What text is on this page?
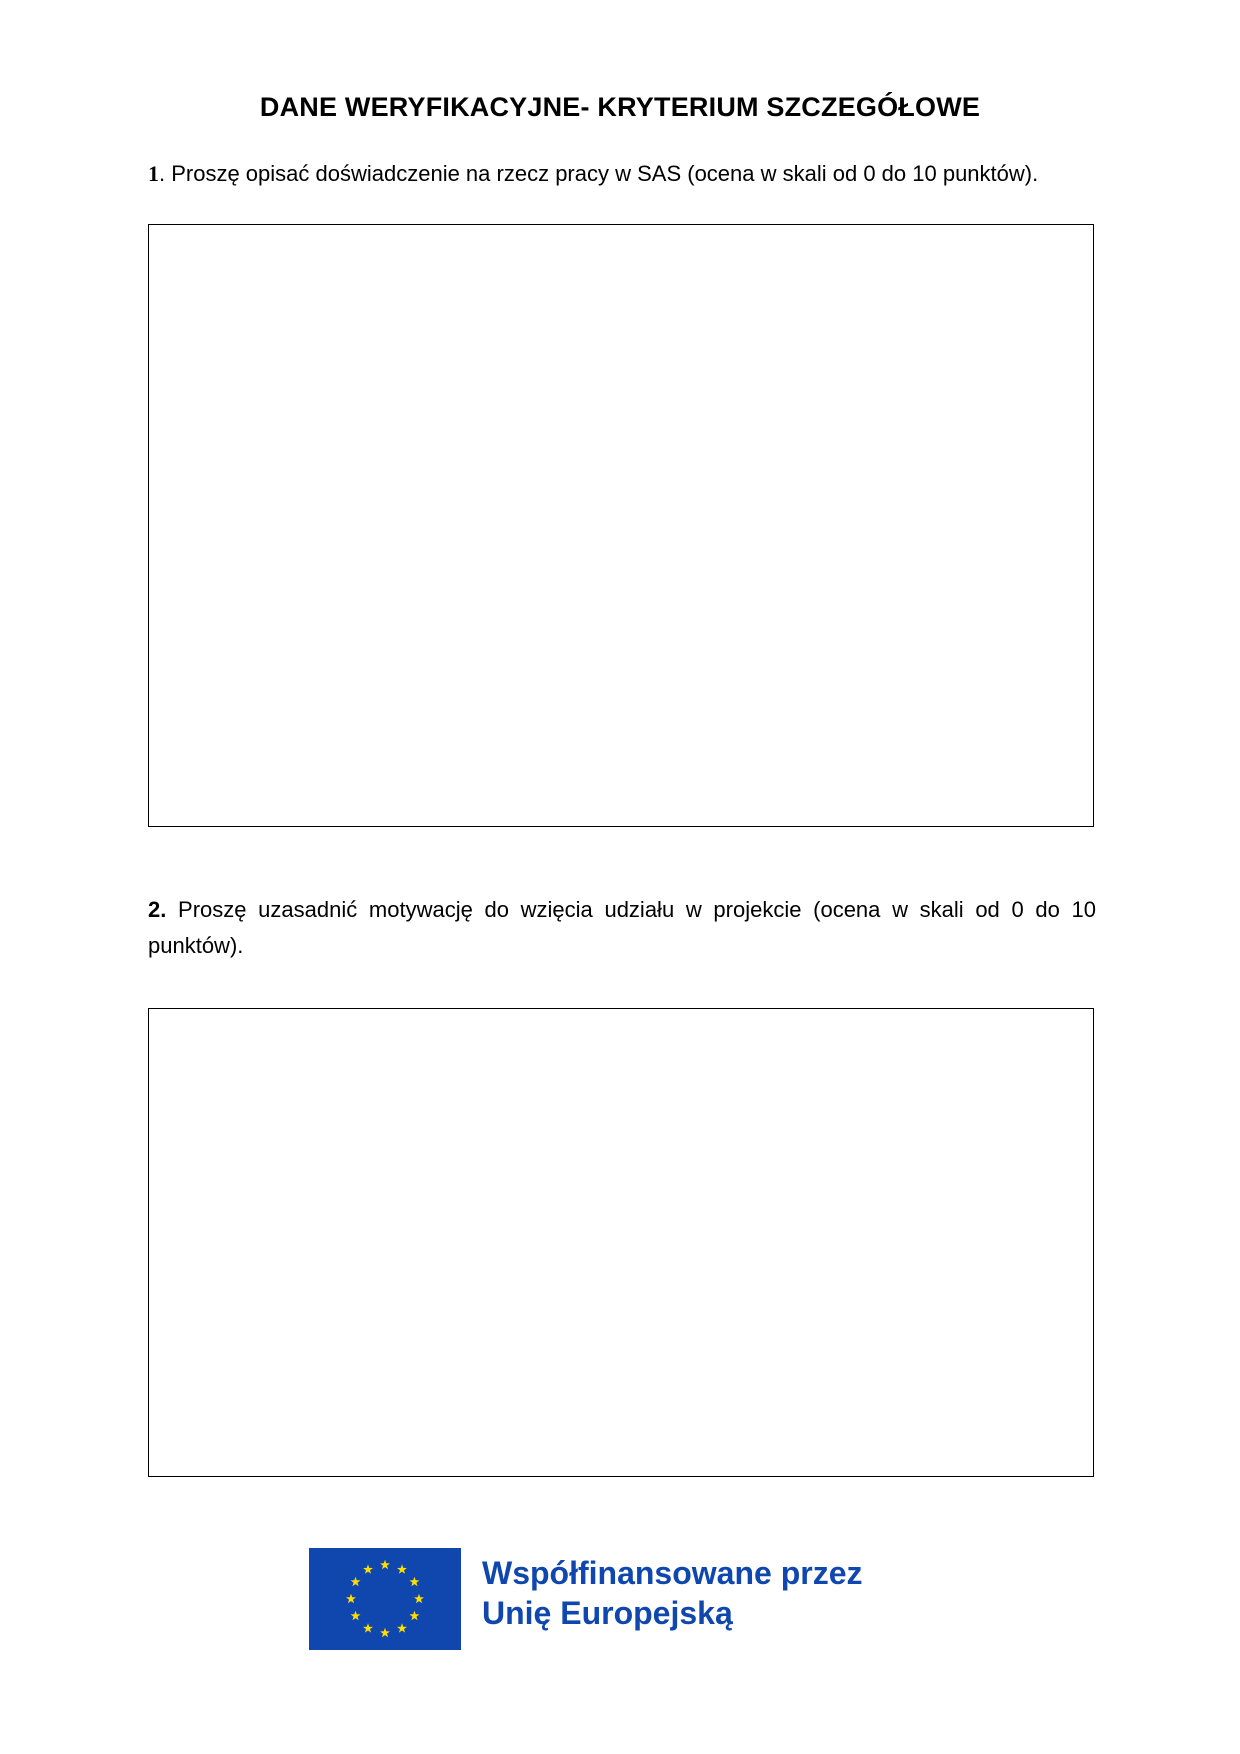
DANE WERYFIKACYJNE- KRYTERIUM SZCZEGÓŁOWE

1. Proszę opisać doświadczenie na rzecz pracy w SAS (ocena w skali od 0 do 10 punktów).

2. Proszę uzasadnić motywację do wzięcia udziału w projekcie (ocena w skali od 0 do 10 punktów).

Współfinansowane przez
Unię Europejską
